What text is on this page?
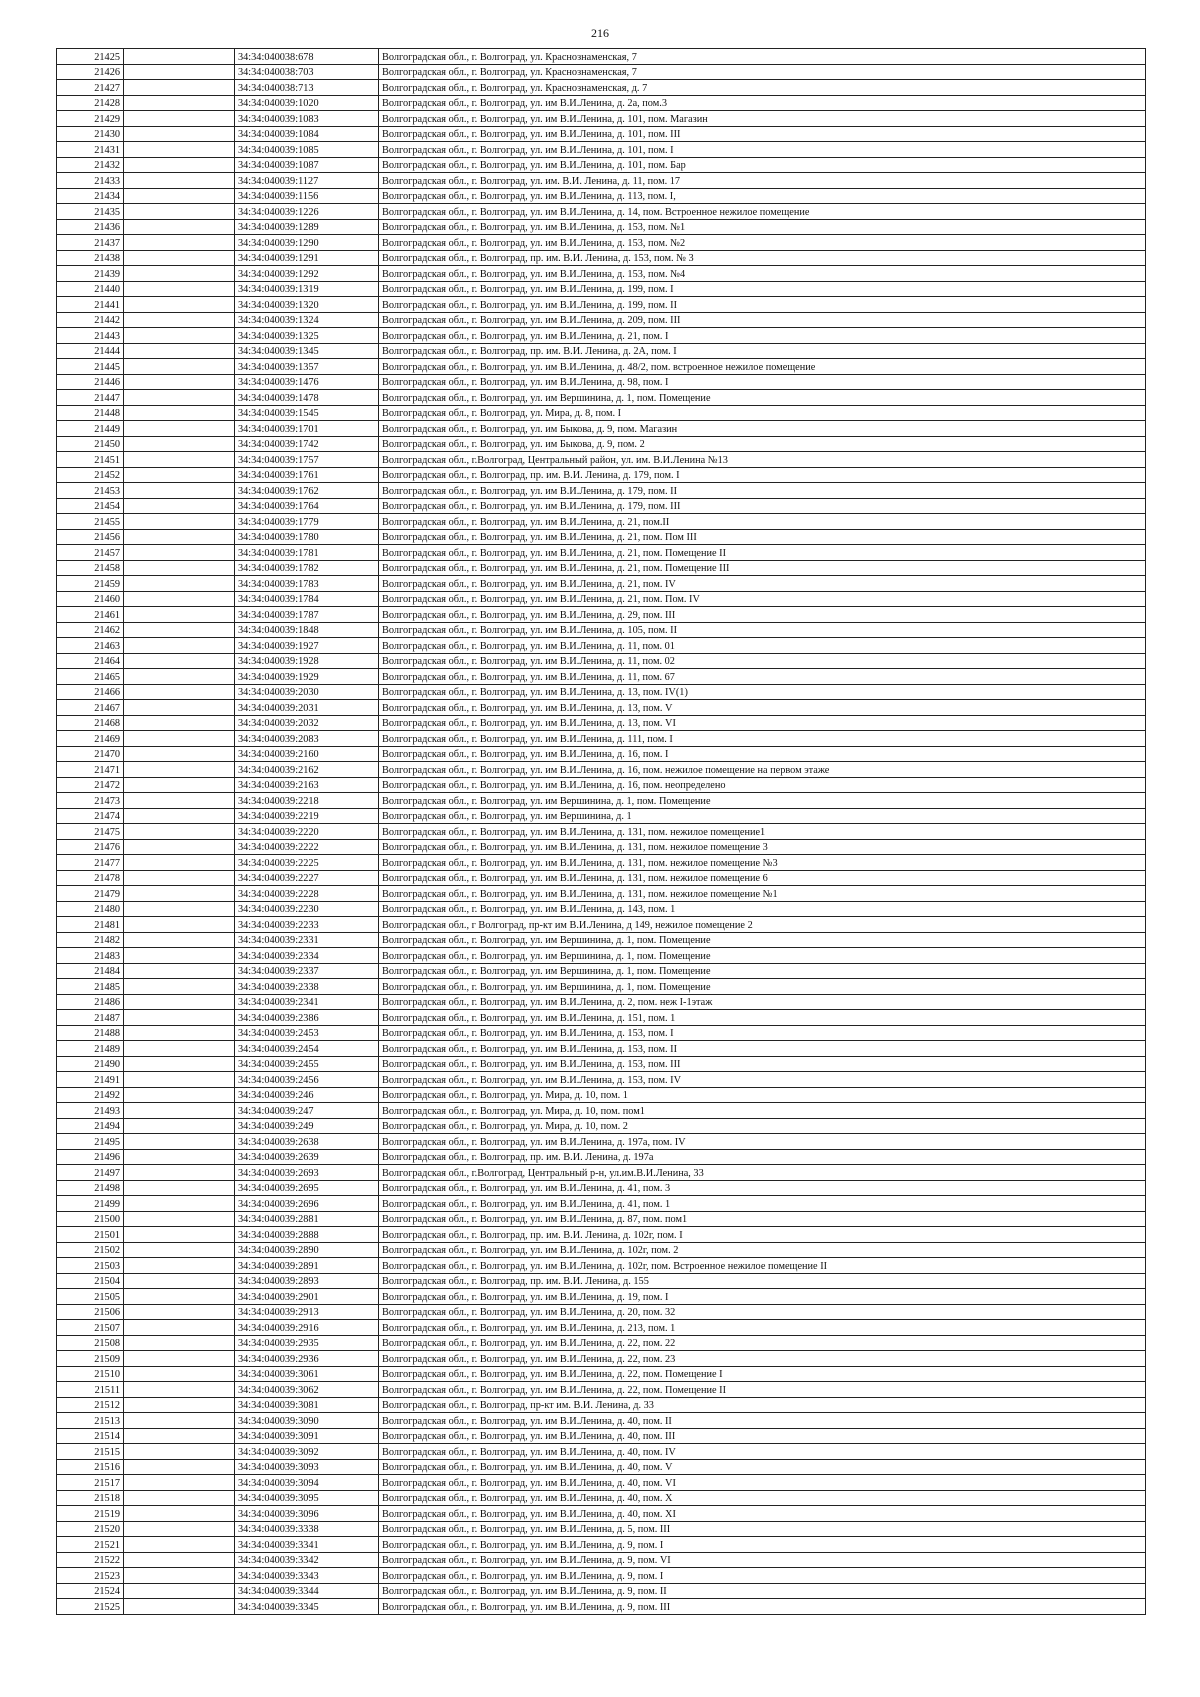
216
21425		34:34:040038:678	Волгоградская обл., г. Волгоград, ул. Краснознаменская, 7
21426		34:34:040038:703	Волгоградская обл., г. Волгоград, ул. Краснознаменская, 7
21427		34:34:040038:713	Волгоградская обл., г. Волгоград, ул. Краснознаменская, д. 7
21428		34:34:040039:1020	Волгоградская обл., г. Волгоград, ул. им В.И.Ленина, д. 2а, пом.3
21429		34:34:040039:1083	Волгоградская обл., г. Волгоград, ул. им В.И.Ленина, д. 101, пом. Магазин
21430		34:34:040039:1084	Волгоградская обл., г. Волгоград, ул. им В.И.Ленина, д. 101, пом. III
21431		34:34:040039:1085	Волгоградская обл., г. Волгоград, ул. им В.И.Ленина, д. 101, пом. I
21432		34:34:040039:1087	Волгоградская обл., г. Волгоград, ул. им В.И.Ленина, д. 101, пом. Бар
21433		34:34:040039:1127	Волгоградская обл., г. Волгоград, ул. им. В.И. Ленина, д. 11, пом. 17
21434		34:34:040039:1156	Волгоградская обл., г. Волгоград, ул. им В.И.Ленина, д. 113, пом. I,
21435		34:34:040039:1226	Волгоградская обл., г. Волгоград, ул. им В.И.Ленина, д. 14, пом. Встроенное нежилое помещение
21436		34:34:040039:1289	Волгоградская обл., г. Волгоград, ул. им В.И.Ленина, д. 153, пом. №1
21437		34:34:040039:1290	Волгоградская обл., г. Волгоград, ул. им В.И.Ленина, д. 153, пом. №2
21438		34:34:040039:1291	Волгоградская обл., г. Волгоград, пр. им. В.И. Ленина, д. 153, пом. № 3
21439		34:34:040039:1292	Волгоградская обл., г. Волгоград, ул. им В.И.Ленина, д. 153, пом. №4
21440		34:34:040039:1319	Волгоградская обл., г. Волгоград, ул. им В.И.Ленина, д. 199, пом. I
21441		34:34:040039:1320	Волгоградская обл., г. Волгоград, ул. им В.И.Ленина, д. 199, пом. II
21442		34:34:040039:1324	Волгоградская обл., г. Волгоград, ул. им В.И.Ленина, д. 209, пом. III
21443		34:34:040039:1325	Волгоградская обл., г. Волгоград, ул. им В.И.Ленина, д. 21, пом. I
21444		34:34:040039:1345	Волгоградская обл., г. Волгоград, пр. им. В.И. Ленина, д. 2А, пом. I
21445		34:34:040039:1357	Волгоградская обл., г. Волгоград, ул. им В.И.Ленина, д. 48/2, пом. встроенное нежилое помещение
21446		34:34:040039:1476	Волгоградская обл., г. Волгоград, ул. им В.И.Ленина, д. 98, пом. I
21447		34:34:040039:1478	Волгоградская обл., г. Волгоград, ул. им Вершинина, д. 1, пом. Помещение
21448		34:34:040039:1545	Волгоградская обл., г. Волгоград, ул. Мира, д. 8, пом. I
21449		34:34:040039:1701	Волгоградская обл., г. Волгоград, ул. им Быкова, д. 9, пом. Магазин
21450		34:34:040039:1742	Волгоградская обл., г. Волгоград, ул. им Быкова, д. 9, пом. 2
21451		34:34:040039:1757	Волгоградская обл., г.Волгоград, Центральный район, ул. им. В.И.Ленина №13
21452		34:34:040039:1761	Волгоградская обл., г. Волгоград, пр. им. В.И. Ленина, д. 179, пом. I
21453		34:34:040039:1762	Волгоградская обл., г. Волгоград, ул. им В.И.Ленина, д. 179, пом. II
21454		34:34:040039:1764	Волгоградская обл., г. Волгоград, ул. им В.И.Ленина, д. 179, пом. III
21455		34:34:040039:1779	Волгоградская обл., г. Волгоград, ул. им В.И.Ленина, д. 21, пом.II
21456		34:34:040039:1780	Волгоградская обл., г. Волгоград, ул. им В.И.Ленина, д. 21, пом. Пом III
21457		34:34:040039:1781	Волгоградская обл., г. Волгоград, ул. им В.И.Ленина, д. 21, пом. Помещение II
21458		34:34:040039:1782	Волгоградская обл., г. Волгоград, ул. им В.И.Ленина, д. 21, пом. Помещение III
21459		34:34:040039:1783	Волгоградская обл., г. Волгоград, ул. им В.И.Ленина, д. 21, пом. IV
21460		34:34:040039:1784	Волгоградская обл., г. Волгоград, ул. им В.И.Ленина, д. 21, пом. Пом. IV
21461		34:34:040039:1787	Волгоградская обл., г. Волгоград, ул. им В.И.Ленина, д. 29, пом. III
21462		34:34:040039:1848	Волгоградская обл., г. Волгоград, ул. им В.И.Ленина, д. 105, пом. II
21463		34:34:040039:1927	Волгоградская обл., г. Волгоград, ул. им В.И.Ленина, д. 11, пом. 01
21464		34:34:040039:1928	Волгоградская обл., г. Волгоград, ул. им В.И.Ленина, д. 11, пом. 02
21465		34:34:040039:1929	Волгоградская обл., г. Волгоград, ул. им В.И.Ленина, д. 11, пом. 67
21466		34:34:040039:2030	Волгоградская обл., г. Волгоград, ул. им В.И.Ленина, д. 13, пом. IV(1)
21467		34:34:040039:2031	Волгоградская обл., г. Волгоград, ул. им В.И.Ленина, д. 13, пом. V
21468		34:34:040039:2032	Волгоградская обл., г. Волгоград, ул. им В.И.Ленина, д. 13, пом. VI
21469		34:34:040039:2083	Волгоградская обл., г. Волгоград, ул. им В.И.Ленина, д. 111, пом. I
21470		34:34:040039:2160	Волгоградская обл., г. Волгоград, ул. им В.И.Ленина, д. 16, пом. I
21471		34:34:040039:2162	Волгоградская обл., г. Волгоград, ул. им В.И.Ленина, д. 16, пом. нежилое помещение на первом этаже
21472		34:34:040039:2163	Волгоградская обл., г. Волгоград, ул. им В.И.Ленина, д. 16, пом. неопределено
21473		34:34:040039:2218	Волгоградская обл., г. Волгоград, ул. им Вершинина, д. 1, пом. Помещение
21474		34:34:040039:2219	Волгоградская обл., г. Волгоград, ул. им Вершинина, д. 1
21475		34:34:040039:2220	Волгоградская обл., г. Волгоград, ул. им В.И.Ленина, д. 131, пом. нежилое помещение1
21476		34:34:040039:2222	Волгоградская обл., г. Волгоград, ул. им В.И.Ленина, д. 131, пом. нежилое помещение 3
21477		34:34:040039:2225	Волгоградская обл., г. Волгоград, ул. им В.И.Ленина, д. 131, пом. нежилое помещение №3
21478		34:34:040039:2227	Волгоградская обл., г. Волгоград, ул. им В.И.Ленина, д. 131, пом. нежилое помещение 6
21479		34:34:040039:2228	Волгоградская обл., г. Волгоград, ул. им В.И.Ленина, д. 131, пом. нежилое помещение №1
21480		34:34:040039:2230	Волгоградская обл., г. Волгоград, ул. им В.И.Ленина, д. 143, пом. 1
21481		34:34:040039:2233	Волгоградская обл., г Волгоград, пр-кт им В.И.Ленина, д 149, нежилое помещение 2
21482		34:34:040039:2331	Волгоградская обл., г. Волгоград, ул. им Вершинина, д. 1, пом. Помещение
21483		34:34:040039:2334	Волгоградская обл., г. Волгоград, ул. им Вершинина, д. 1, пом. Помещение
21484		34:34:040039:2337	Волгоградская обл., г. Волгоград, ул. им Вершинина, д. 1, пом. Помещение
21485		34:34:040039:2338	Волгоградская обл., г. Волгоград, ул. им Вершинина, д. 1, пом. Помещение
21486		34:34:040039:2341	Волгоградская обл., г. Волгоград, ул. им В.И.Ленина, д. 2, пом. неж I-1этаж
21487		34:34:040039:2386	Волгоградская обл., г. Волгоград, ул. им В.И.Ленина, д. 151, пом. 1
21488		34:34:040039:2453	Волгоградская обл., г. Волгоград, ул. им В.И.Ленина, д. 153, пом. I
21489		34:34:040039:2454	Волгоградская обл., г. Волгоград, ул. им В.И.Ленина, д. 153, пом. II
21490		34:34:040039:2455	Волгоградская обл., г. Волгоград, ул. им В.И.Ленина, д. 153, пом. III
21491		34:34:040039:2456	Волгоградская обл., г. Волгоград, ул. им В.И.Ленина, д. 153, пом. IV
21492		34:34:040039:246	Волгоградская обл., г. Волгоград, ул. Мира, д. 10, пом. 1
21493		34:34:040039:247	Волгоградская обл., г. Волгоград, ул. Мира, д. 10, пом. пом1
21494		34:34:040039:249	Волгоградская обл., г. Волгоград, ул. Мира, д. 10, пом. 2
21495		34:34:040039:2638	Волгоградская обл., г. Волгоград, ул. им В.И.Ленина, д. 197а, пом. IV
21496		34:34:040039:2639	Волгоградская обл., г. Волгоград, пр. им. В.И. Ленина, д. 197а
21497		34:34:040039:2693	Волгоградская обл., г.Волгоград, Центральный р-н, ул.им.В.И.Ленина, 33
21498		34:34:040039:2695	Волгоградская обл., г. Волгоград, ул. им В.И.Ленина, д. 41, пом. 3
21499		34:34:040039:2696	Волгоградская обл., г. Волгоград, ул. им В.И.Ленина, д. 41, пом. 1
21500		34:34:040039:2881	Волгоградская обл., г. Волгоград, ул. им В.И.Ленина, д. 87, пом. пом1
21501		34:34:040039:2888	Волгоградская обл., г. Волгоград, пр. им. В.И. Ленина, д. 102г, пом. I
21502		34:34:040039:2890	Волгоградская обл., г. Волгоград, ул. им В.И.Ленина, д. 102г, пом. 2
21503		34:34:040039:2891	Волгоградская обл., г. Волгоград, ул. им В.И.Ленина, д. 102г, пом. Встроенное нежилое помещение II
21504		34:34:040039:2893	Волгоградская обл., г. Волгоград, пр. им. В.И. Ленина, д. 155
21505		34:34:040039:2901	Волгоградская обл., г. Волгоград, ул. им В.И.Ленина, д. 19, пом. I
21506		34:34:040039:2913	Волгоградская обл., г. Волгоград, ул. им В.И.Ленина, д. 20, пом. 32
21507		34:34:040039:2916	Волгоградская обл., г. Волгоград, ул. им В.И.Ленина, д. 213, пом. 1
21508		34:34:040039:2935	Волгоградская обл., г. Волгоград, ул. им В.И.Ленина, д. 22, пом. 22
21509		34:34:040039:2936	Волгоградская обл., г. Волгоград, ул. им В.И.Ленина, д. 22, пом. 23
21510		34:34:040039:3061	Волгоградская обл., г. Волгоград, ул. им В.И.Ленина, д. 22, пом. Помещение I
21511		34:34:040039:3062	Волгоградская обл., г. Волгоград, ул. им В.И.Ленина, д. 22, пом. Помещение II
21512		34:34:040039:3081	Волгоградская обл., г. Волгоград, пр-кт им. В.И. Ленина, д. 33
21513		34:34:040039:3090	Волгоградская обл., г. Волгоград, ул. им В.И.Ленина, д. 40, пом. II
21514		34:34:040039:3091	Волгоградская обл., г. Волгоград, ул. им В.И.Ленина, д. 40, пом. III
21515		34:34:040039:3092	Волгоградская обл., г. Волгоград, ул. им В.И.Ленина, д. 40, пом. IV
21516		34:34:040039:3093	Волгоградская обл., г. Волгоград, ул. им В.И.Ленина, д. 40, пом. V
21517		34:34:040039:3094	Волгоградская обл., г. Волгоград, ул. им В.И.Ленина, д. 40, пом. VI
21518		34:34:040039:3095	Волгоградская обл., г. Волгоград, ул. им В.И.Ленина, д. 40, пом. X
21519		34:34:040039:3096	Волгоградская обл., г. Волгоград, ул. им В.И.Ленина, д. 40, пом. XI
21520		34:34:040039:3338	Волгоградская обл., г. Волгоград, ул. им В.И.Ленина, д. 5, пом. III
21521		34:34:040039:3341	Волгоградская обл., г. Волгоград, ул. им В.И.Ленина, д. 9, пом. I
21522		34:34:040039:3342	Волгоградская обл., г. Волгоград, ул. им В.И.Ленина, д. 9, пом. VI
21523		34:34:040039:3343	Волгоградская обл., г. Волгоград, ул. им В.И.Ленина, д. 9, пом. I
21524		34:34:040039:3344	Волгоградская обл., г. Волгоград, ул. им В.И.Ленина, д. 9, пом. II
21525		34:34:040039:3345	Волгоградская обл., г. Волгоград, ул. им В.И.Ленина, д. 9, пом. III
